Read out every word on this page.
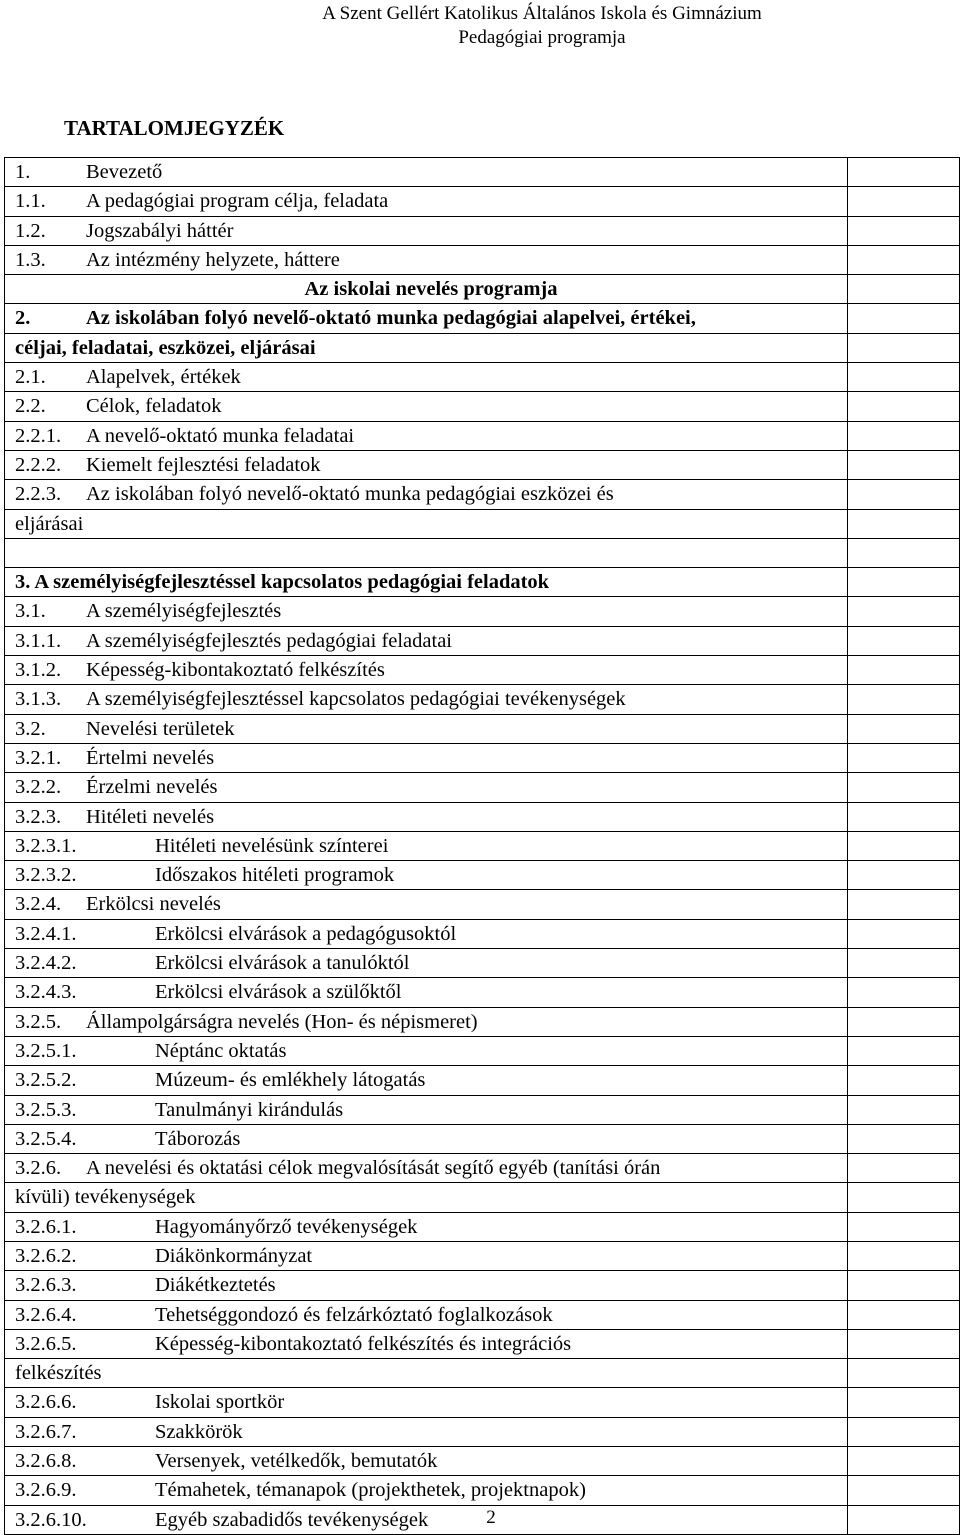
A Szent Gellért Katolikus Általános Iskola és Gimnázium
Pedagógiai programja
TARTALOMJEGYZÉK
1. Bevezető	
1.1. A pedagógiai program célja, feladata	
1.2. Jogszabályi háttér	
1.3. Az intézmény helyzete, háttere	
Az iskolai nevelés programja	
2. Az iskolában folyó nevelő-oktató munka pedagógiai alapelvei, értékei,	
céljai, feladatai, eszközei, eljárásai	
2.1. Alapelvek, értékek	
2.2. Célok, feladatok	
2.2.1. A nevelő-oktató munka feladatai	
2.2.2. Kiemelt fejlesztési feladatok	
2.2.3. Az iskolában folyó nevelő-oktató munka pedagógiai eszközei és	
eljárásai	

3. A személyiségfejlesztéssel kapcsolatos pedagógiai feladatok	
3.1. A személyiségfejlesztés	
3.1.1. A személyiségfejlesztés pedagógiai feladatai	
3.1.2. Képesség-kibontakoztató felkészítés	
3.1.3. A személyiségfejlesztéssel kapcsolatos pedagógiai tevékenységek	
3.2. Nevelési területek	
3.2.1. Értelmi nevelés	
3.2.2. Érzelmi nevelés	
3.2.3. Hitéleti nevelés	
3.2.3.1. Hitéleti nevelésünk színterei	
3.2.3.2. Időszakos hitéleti programok	
3.2.4. Erkölcsi nevelés	
3.2.4.1. Erkölcsi elvárások a pedagógusoktól	
3.2.4.2. Erkölcsi elvárások a tanulóktól	
3.2.4.3. Erkölcsi elvárások a szülőktől	
3.2.5. Állampolgárságra nevelés (Hon- és népismeret)	
3.2.5.1. Néptánc oktatás	
3.2.5.2. Múzeum- és emlékhely látogatás	
3.2.5.3. Tanulmányi kirándulás	
3.2.5.4. Táborozás	
3.2.6. A nevelési és oktatási célok megvalósítását segítő egyéb (tanítási órán	
kívüli) tevékenységek	
3.2.6.1. Hagyományőrző tevékenységek	
3.2.6.2. Diákönkormányzat	
3.2.6.3. Diákétkeztetés	
3.2.6.4. Tehetséggondozó és felzárkóztató foglalkozások	
3.2.6.5. Képesség-kibontakoztató felkészítés és integrációs	
felkészítés	
3.2.6.6. Iskolai sportkör	
3.2.6.7. Szakkörök	
3.2.6.8. Versenyek, vetélkedők, bemutatók	
3.2.6.9. Témahetek, témanapok (projekthetek, projektnapok)	
3.2.6.10. Egyéb szabadidős tevékenységek		2
